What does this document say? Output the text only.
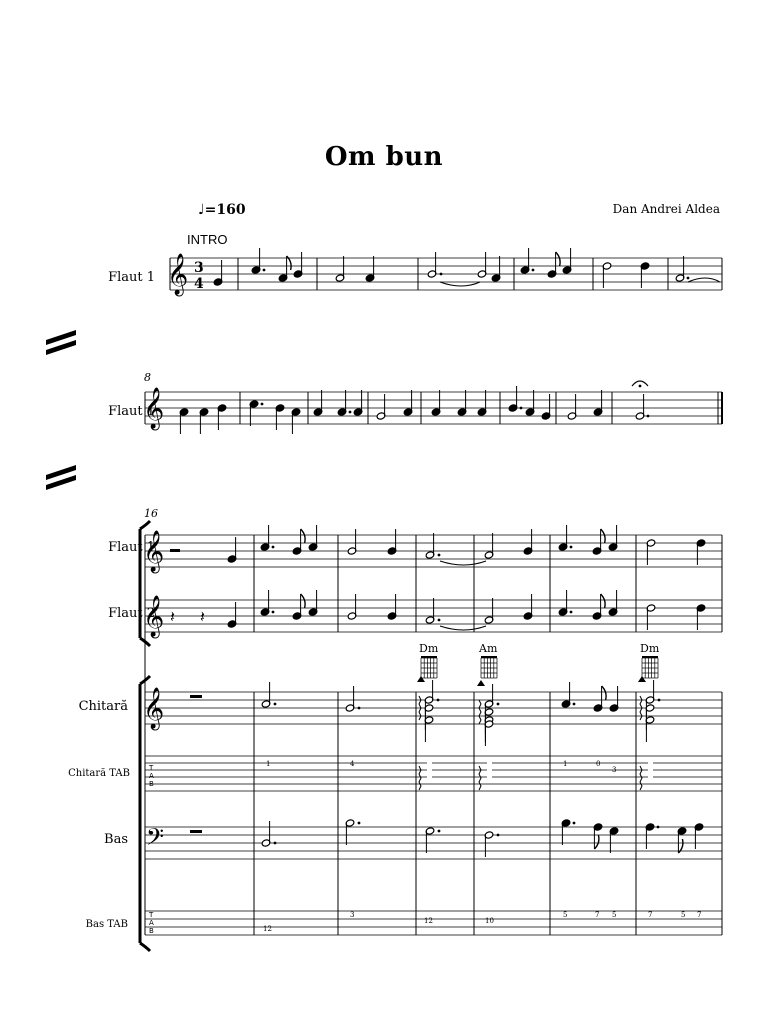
Om bun
Dan Andrei Aldea
♩=160
INTRO
Flaut 1
Flaut 1
Flaut 1
Flaut 2
Chitară
Chitară TAB
Bas
Bas TAB
8
16
Dm	Am	Dm
1	4	1	0
3
3
12
12	10
5	7 5	7	5 7
𝄞 3
4
𝄞
𝄞
𝄞
𝄞
𝄢
T
A
B
T
A
B
𝄽 𝄽
